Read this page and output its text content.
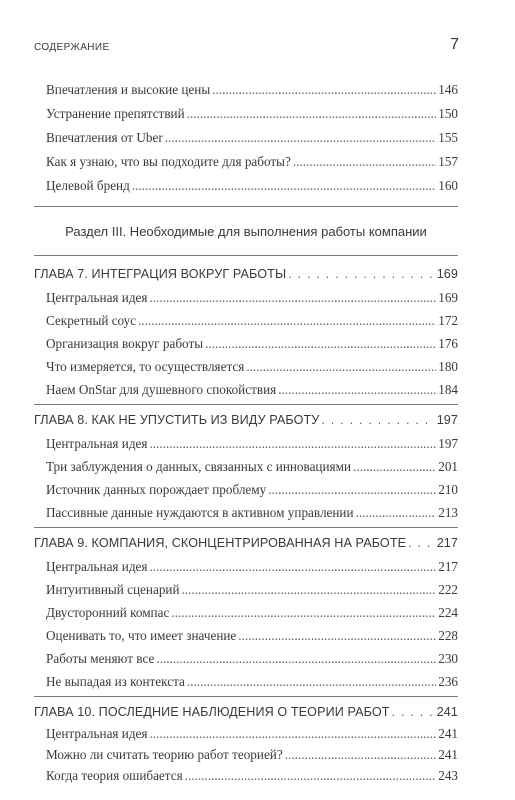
СОДЕРЖАНИЕ	7
Впечатления и высокие цены .....	146
Устранение препятствий .....	150
Впечатления от Uber .....	155
Как я узнаю, что вы подходите для работы? .....	157
Целевой бренд .....	160
Раздел III. Необходимые для выполнения работы компании
ГЛАВА 7. ИНТЕГРАЦИЯ ВОКРУГ РАБОТЫ . . .	169
Центральная идея .....	169
Секретный соус .....	172
Организация вокруг работы .....	176
Что измеряется, то осуществляется .....	180
Наем OnStar для душевного спокойствия .....	184
ГЛАВА 8. КАК НЕ УПУСТИТЬ ИЗ ВИДУ РАБОТУ . . .	197
Центральная идея .....	197
Три заблуждения о данных, связанных с инновациями .....	201
Источник данных порождает проблему .....	210
Пассивные данные нуждаются в активном управлении .....	213
ГЛАВА 9. КОМПАНИЯ, СКОНЦЕНТРИРОВАННАЯ НА РАБОТЕ . . . 217
Центральная идея .....	217
Интуитивный сценарий .....	222
Двусторонний компас .....	224
Оценивать то, что имеет значение .....	228
Работы меняют все .....	230
Не выпадая из контекста .....	236
ГЛАВА 10. ПОСЛЕДНИЕ НАБЛЮДЕНИЯ О ТЕОРИИ РАБОТ . . .	241
Центральная идея .....	241
Можно ли считать теорию работ теорией? .....	241
Когда теория ошибается .....	243
